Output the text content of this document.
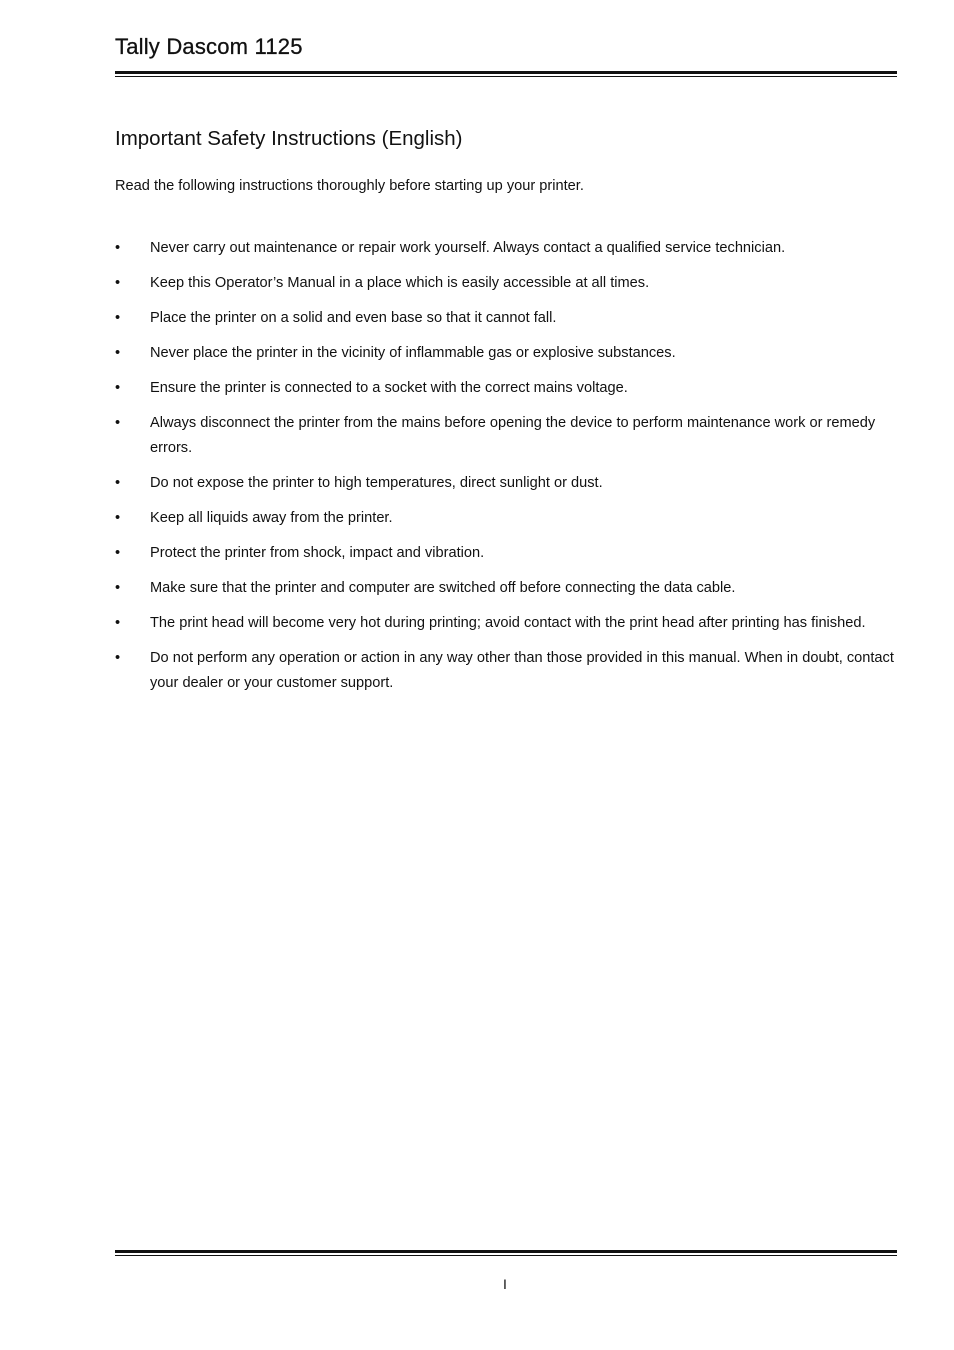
Tally Dascom 1125
Important Safety Instructions (English)

Read the following instructions thoroughly before starting up your printer.

•	Never carry out maintenance or repair work yourself. Always contact a qualified service technician.
•	Keep this Operator’s Manual in a place which is easily accessible at all times.
•	Place the printer on a solid and even base so that it cannot fall.
•	Never place the printer in the vicinity of inflammable gas or explosive substances.
•	Ensure the printer is connected to a socket with the correct mains voltage.
•	Always disconnect the printer from the mains before opening the device to perform maintenance work or remedy errors.
•	Do not expose the printer to high temperatures, direct sunlight or dust.
•	Keep all liquids away from the printer.
•	Protect the printer from shock, impact and vibration.
•	Make sure that the printer and computer are switched off before connecting the data cable.
•	The print head will become very hot during printing; avoid contact with the print head after printing has finished.
•	Do not perform any operation or action in any way other than those provided in this manual. When in doubt, contact your dealer or your customer support.
I
